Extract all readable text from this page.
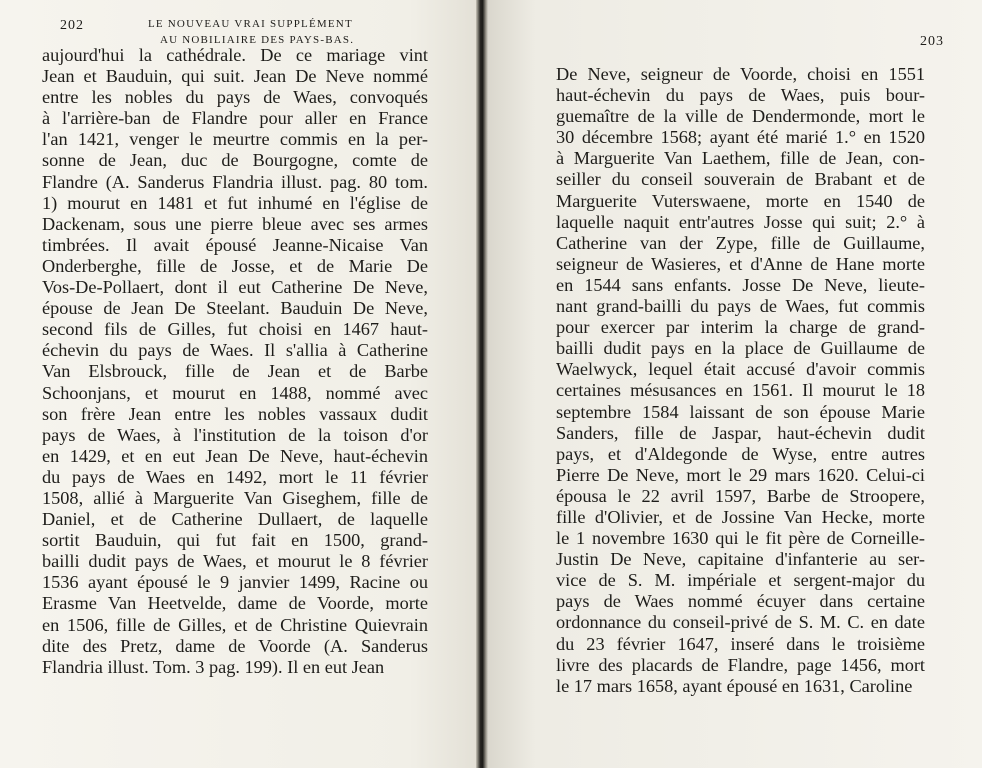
202	LE NOUVEAU VRAI SUPPLÉMENT
AU NOBILIAIRE DES PAYS-BAS.	203
aujourd'hui la cathédrale. De ce mariage vint
Jean et Bauduin, qui suit. Jean De Neve nommé
entre les nobles du pays de Waes, convoqués
à l'arrière-ban de Flandre pour aller en France
l'an 1421, venger le meurtre commis en la per-
sonne de Jean, duc de Bourgogne, comte de
Flandre (A. Sanderus Flandria illust. pag. 80 tom.
1) mourut en 1481 et fut inhumé en l'église de
Dackenam, sous une pierre bleue avec ses armes
timbrées. Il avait épousé Jeanne-Nicaise Van
Onderberghe, fille de Josse, et de Marie De
Vos-De-Pollaert, dont il eut Catherine De Neve,
épouse de Jean De Steelant. Bauduin De Neve,
second fils de Gilles, fut choisi en 1467 haut-
échevin du pays de Waes. Il s'allia à Catherine
Van Elsbrouck, fille de Jean et de Barbe
Schoonjans, et mourut en 1488, nommé avec
son frère Jean entre les nobles vassaux dudit
pays de Waes, à l'institution de la toison d'or
en 1429, et en eut Jean De Neve, haut-échevin
du pays de Waes en 1492, mort le 11 février
1508, allié à Marguerite Van Giseghem, fille de
Daniel, et de Catherine Dullaert, de laquelle
sortit Bauduin, qui fut fait en 1500, grand-
bailli dudit pays de Waes, et mourut le 8 février
1536 ayant épousé le 9 janvier 1499, Racine ou
Erasme Van Heetvelde, dame de Voorde, morte
en 1506, fille de Gilles, et de Christine Quievrain
dite des Pretz, dame de Voorde (A. Sanderus
Flandria illust. Tom. 3 pag. 199). Il en eut Jean
De Neve, seigneur de Voorde, choisi en 1551
haut-échevin du pays de Waes, puis bour-
guemaître de la ville de Dendermonde, mort le
30 décembre 1568; ayant été marié 1.° en 1520
à Marguerite Van Laethem, fille de Jean, con-
seiller du conseil souverain de Brabant et de
Marguerite Vuterswaene, morte en 1540 de
laquelle naquit entr'autres Josse qui suit; 2.° à
Catherine van der Zype, fille de Guillaume,
seigneur de Wasieres, et d'Anne de Hane morte
en 1544 sans enfants. Josse De Neve, lieute-
nant grand-bailli du pays de Waes, fut commis
pour exercer par interim la charge de grand-
bailli dudit pays en la place de Guillaume de
Waelwyck, lequel était accusé d'avoir commis
certaines mésusances en 1561. Il mourut le 18
septembre 1584 laissant de son épouse Marie
Sanders, fille de Jaspar, haut-échevin dudit
pays, et d'Aldegonde de Wyse, entre autres
Pierre De Neve, mort le 29 mars 1620. Celui-ci
épousa le 22 avril 1597, Barbe de Stroopere,
fille d'Olivier, et de Jossine Van Hecke, morte
le 1 novembre 1630 qui le fit père de Corneille-
Justin De Neve, capitaine d'infanterie au ser-
vice de S. M. impériale et sergent-major du
pays de Waes nommé écuyer dans certaine
ordonnance du conseil-privé de S. M. C. en date
du 23 février 1647, inseré dans le troisième
livre des placards de Flandre, page 1456, mort
le 17 mars 1658, ayant épousé en 1631, Caroline
